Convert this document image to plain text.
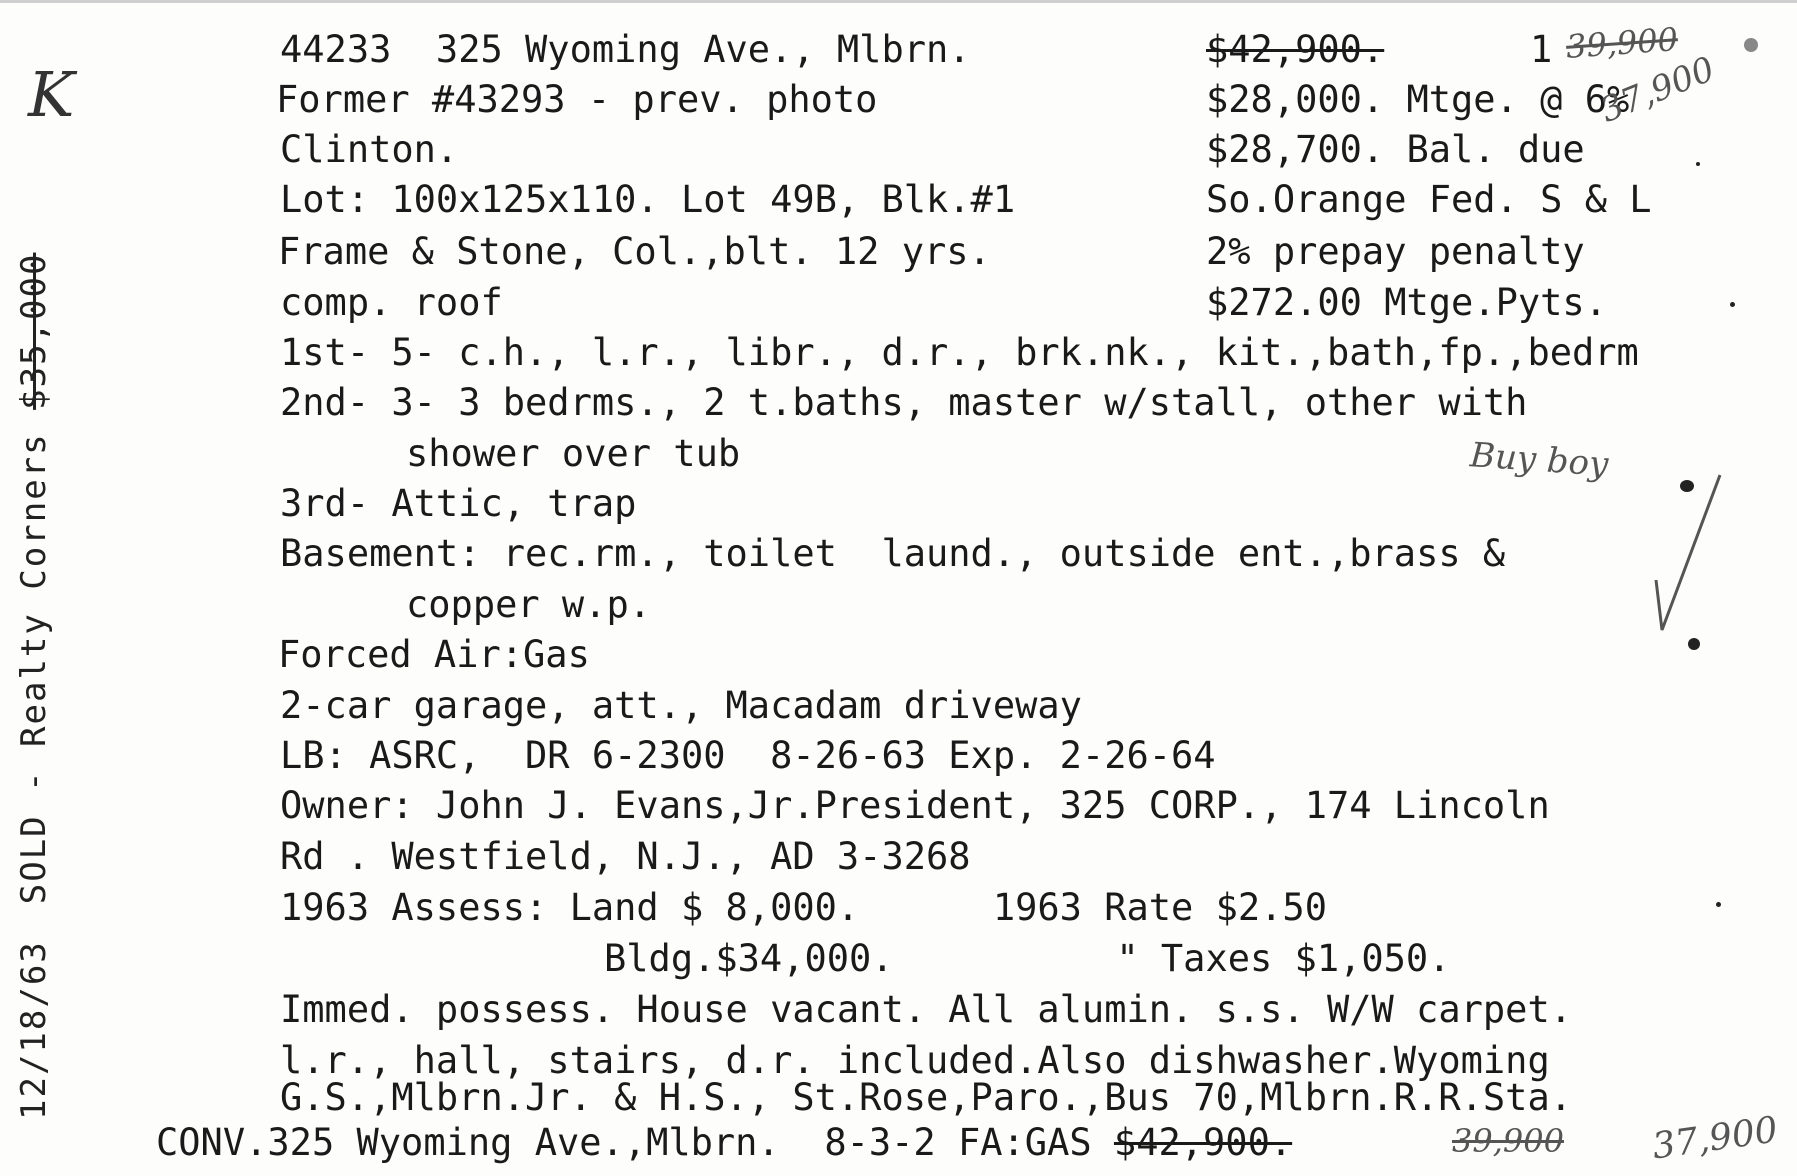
12/18/63SOLD - Realty Corners $35,000
K
44233  325 Wyoming Ave., Mlbrn.
Former #43293 - prev. photo
Clinton.
Lot: 100x125x110. Lot 49B, Blk.#1
Frame & Stone, Col.,blt. 12 yrs.
comp. roof
1st- 5- c.h., l.r., libr., d.r., brk.nk., kit.,bath,fp.,bedrm
2nd- 3- 3 bedrms., 2 t.baths, master w/stall, other with
shower over tub
3rd- Attic, trap
Basement: rec.rm., toilet  laund., outside ent.,brass &
copper w.p.
Forced Air:Gas
2-car garage, att., Macadam driveway
LB: ASRC,  DR 6-2300  8-26-63 Exp. 2-26-64
Owner: John J. Evans,Jr.President, 325 CORP., 174 Lincoln
Rd . Westfield, N.J., AD 3-3268
1963 Assess: Land $ 8,000.      1963 Rate $2.50
Bldg.$34,000.          " Taxes $1,050.
Immed. possess. House vacant. All alumin. s.s. W/W carpet.
l.r., hall, stairs, d.r. included.Also dishwasher.Wyoming
G.S.,Mlbrn.Jr. & H.S., St.Rose,Paro.,Bus 70,Mlbrn.R.R.Sta.
$42,900.	1
$28,000. Mtge. @ 6%
$28,700. Bal. due
So.Orange Fed. S & L
2% prepay penalty
$272.00 Mtge.Pyts.
CONV.325 Wyoming Ave.,Mlbrn. 8-3-2 FA:GAS $42,900.
39,900
37,900
Buy boy
39,900 37,900
